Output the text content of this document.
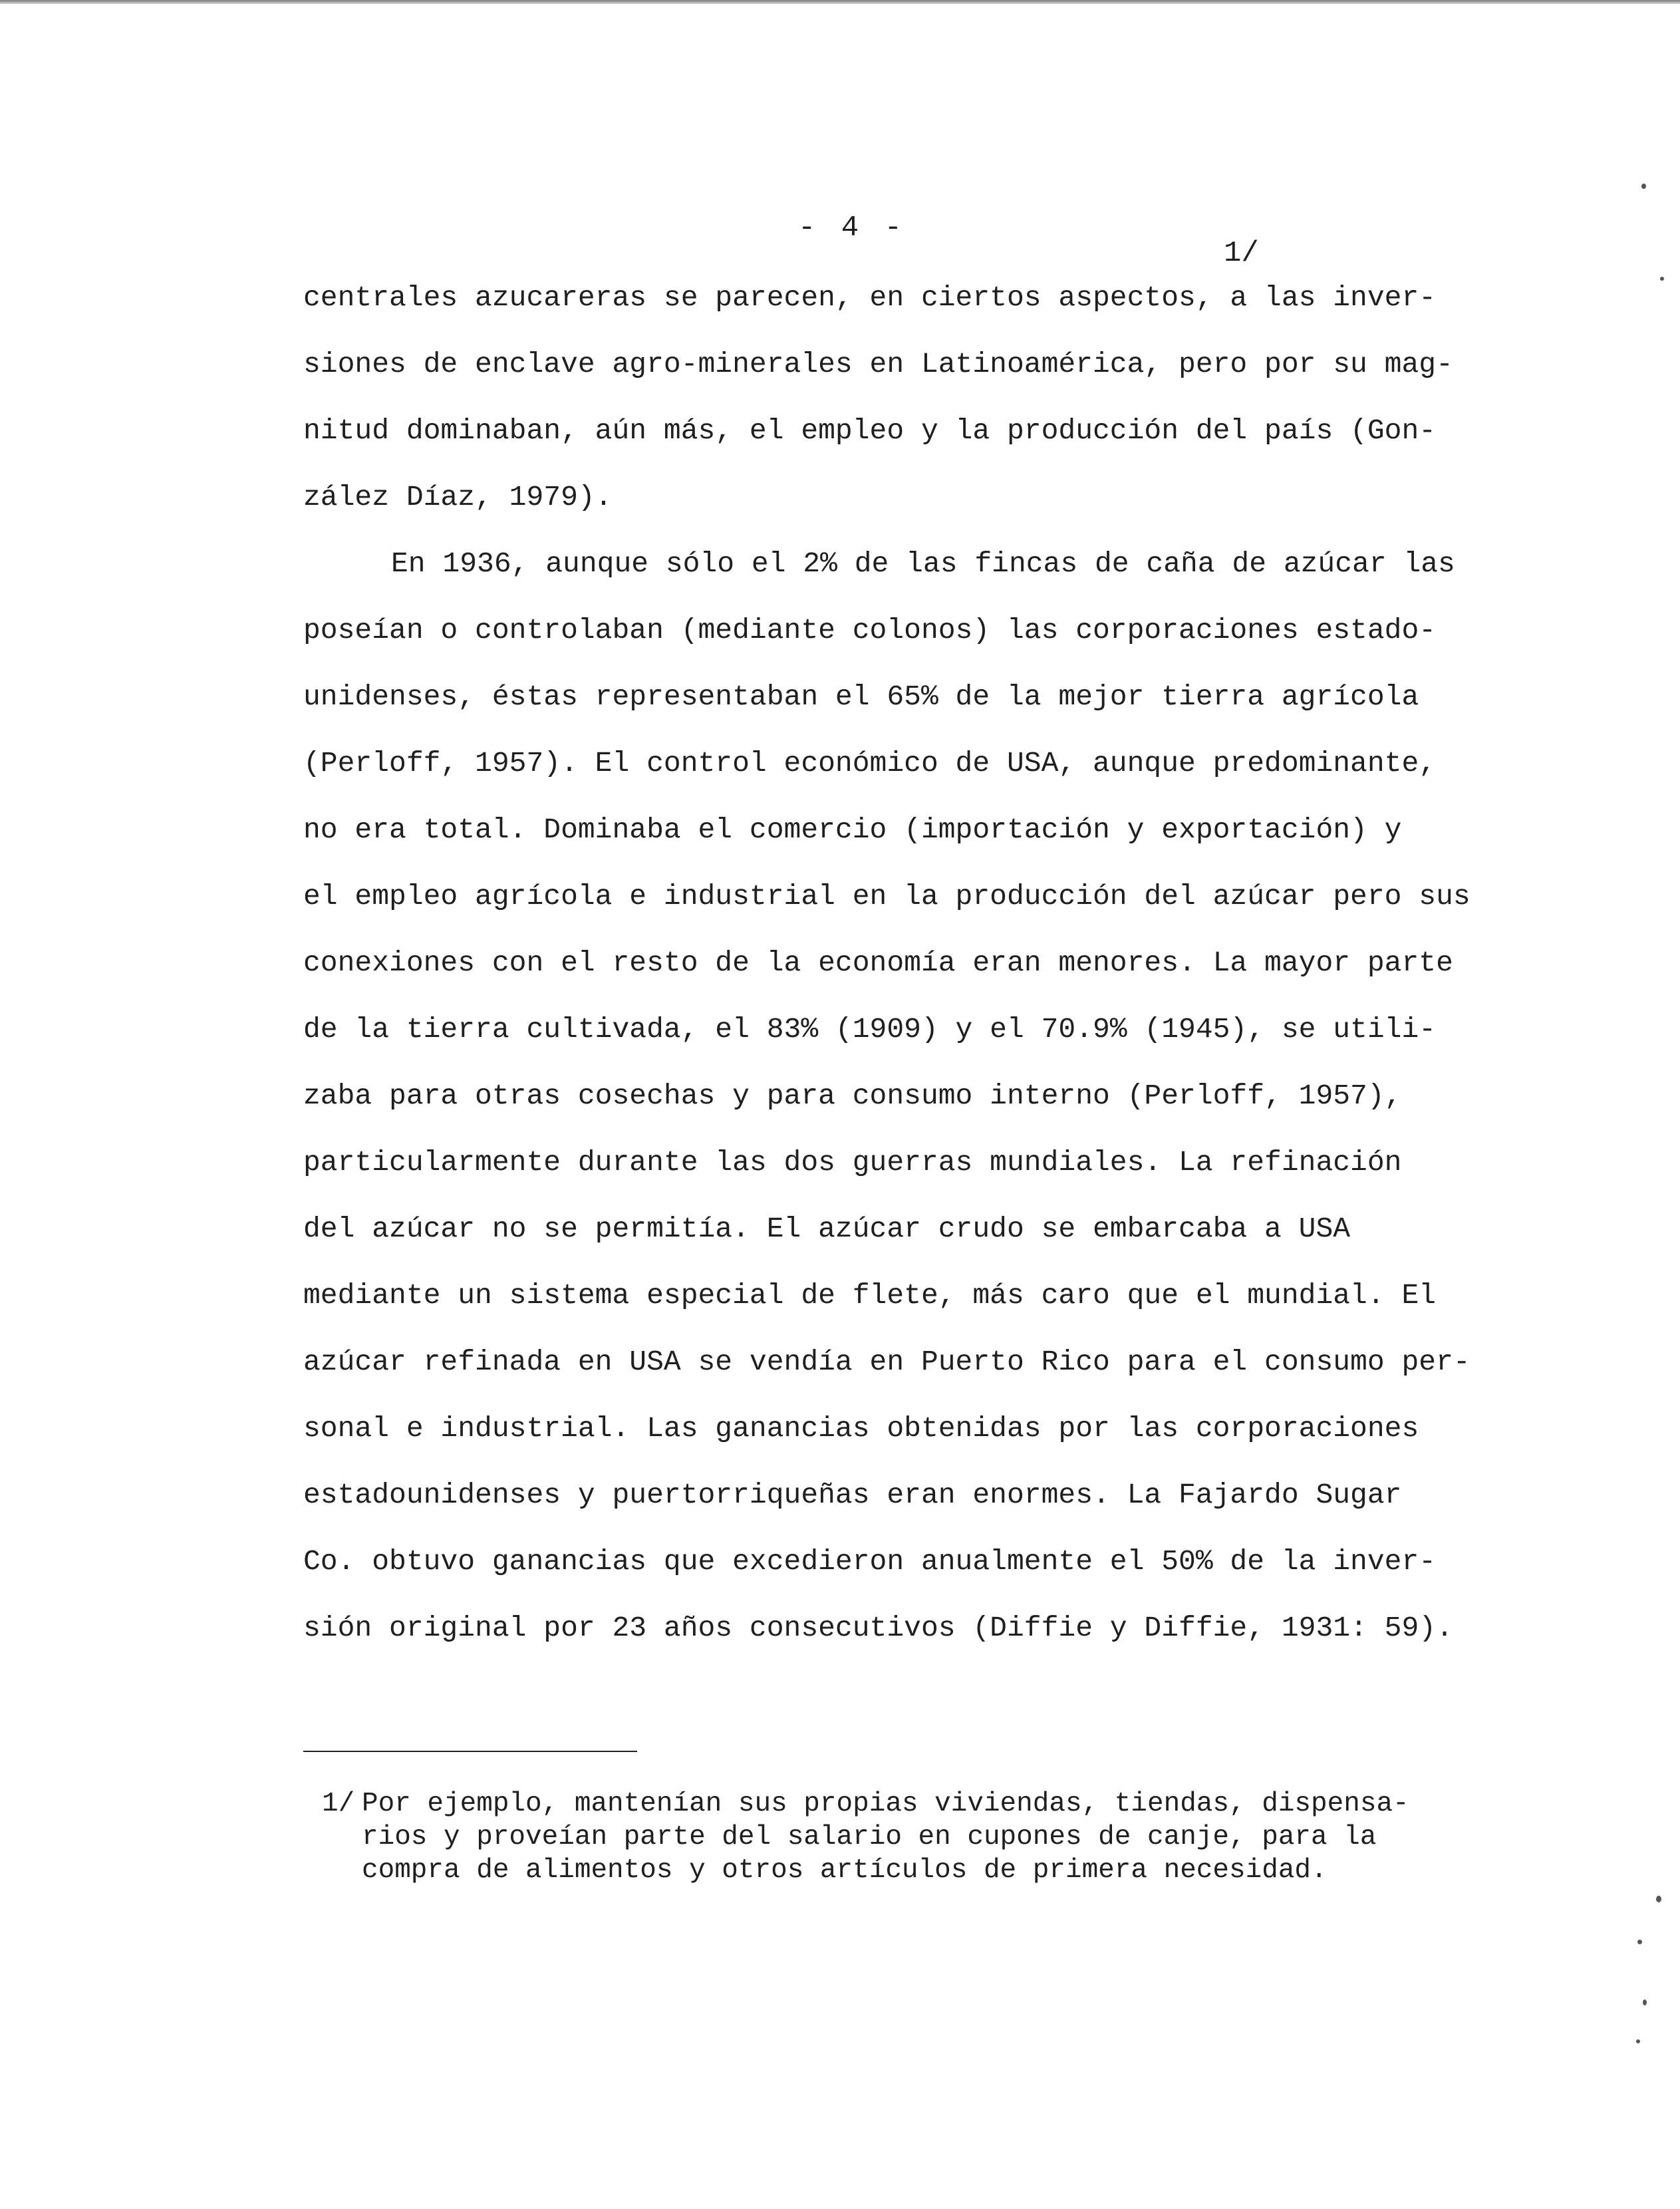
- 4 -
1/
centrales azucareras se parecen, en ciertos aspectos, a las inver-
siones de enclave agro-minerales en Latinoamérica, pero por su mag-
nitud dominaban, aún más, el empleo y la producción del país (Gon-
zález Díaz, 1979).
En 1936, aunque sólo el 2% de las fincas de caña de azúcar las
poseían o controlaban (mediante colonos) las corporaciones estado-
unidenses, éstas representaban el 65% de la mejor tierra agrícola
(Perloff, 1957). El control económico de USA, aunque predominante,
no era total. Dominaba el comercio (importación y exportación) y
el empleo agrícola e industrial en la producción del azúcar pero sus
conexiones con el resto de la economía eran menores. La mayor parte
de la tierra cultivada, el 83% (1909) y el 70.9% (1945), se utili-
zaba para otras cosechas y para consumo interno (Perloff, 1957),
particularmente durante las dos guerras mundiales. La refinación
del azúcar no se permitía. El azúcar crudo se embarcaba a USA
mediante un sistema especial de flete, más caro que el mundial. El
azúcar refinada en USA se vendía en Puerto Rico para el consumo per-
sonal e industrial. Las ganancias obtenidas por las corporaciones
estadounidenses y puertorriqueñas eran enormes. La Fajardo Sugar
Co. obtuvo ganancias que excedieron anualmente el 50% de la inver-
sión original por 23 años consecutivos (Diffie y Diffie, 1931: 59).
1/ Por ejemplo, mantenían sus propias viviendas, tiendas, dispensa-
rios y proveían parte del salario en cupones de canje, para la
compra de alimentos y otros artículos de primera necesidad.
